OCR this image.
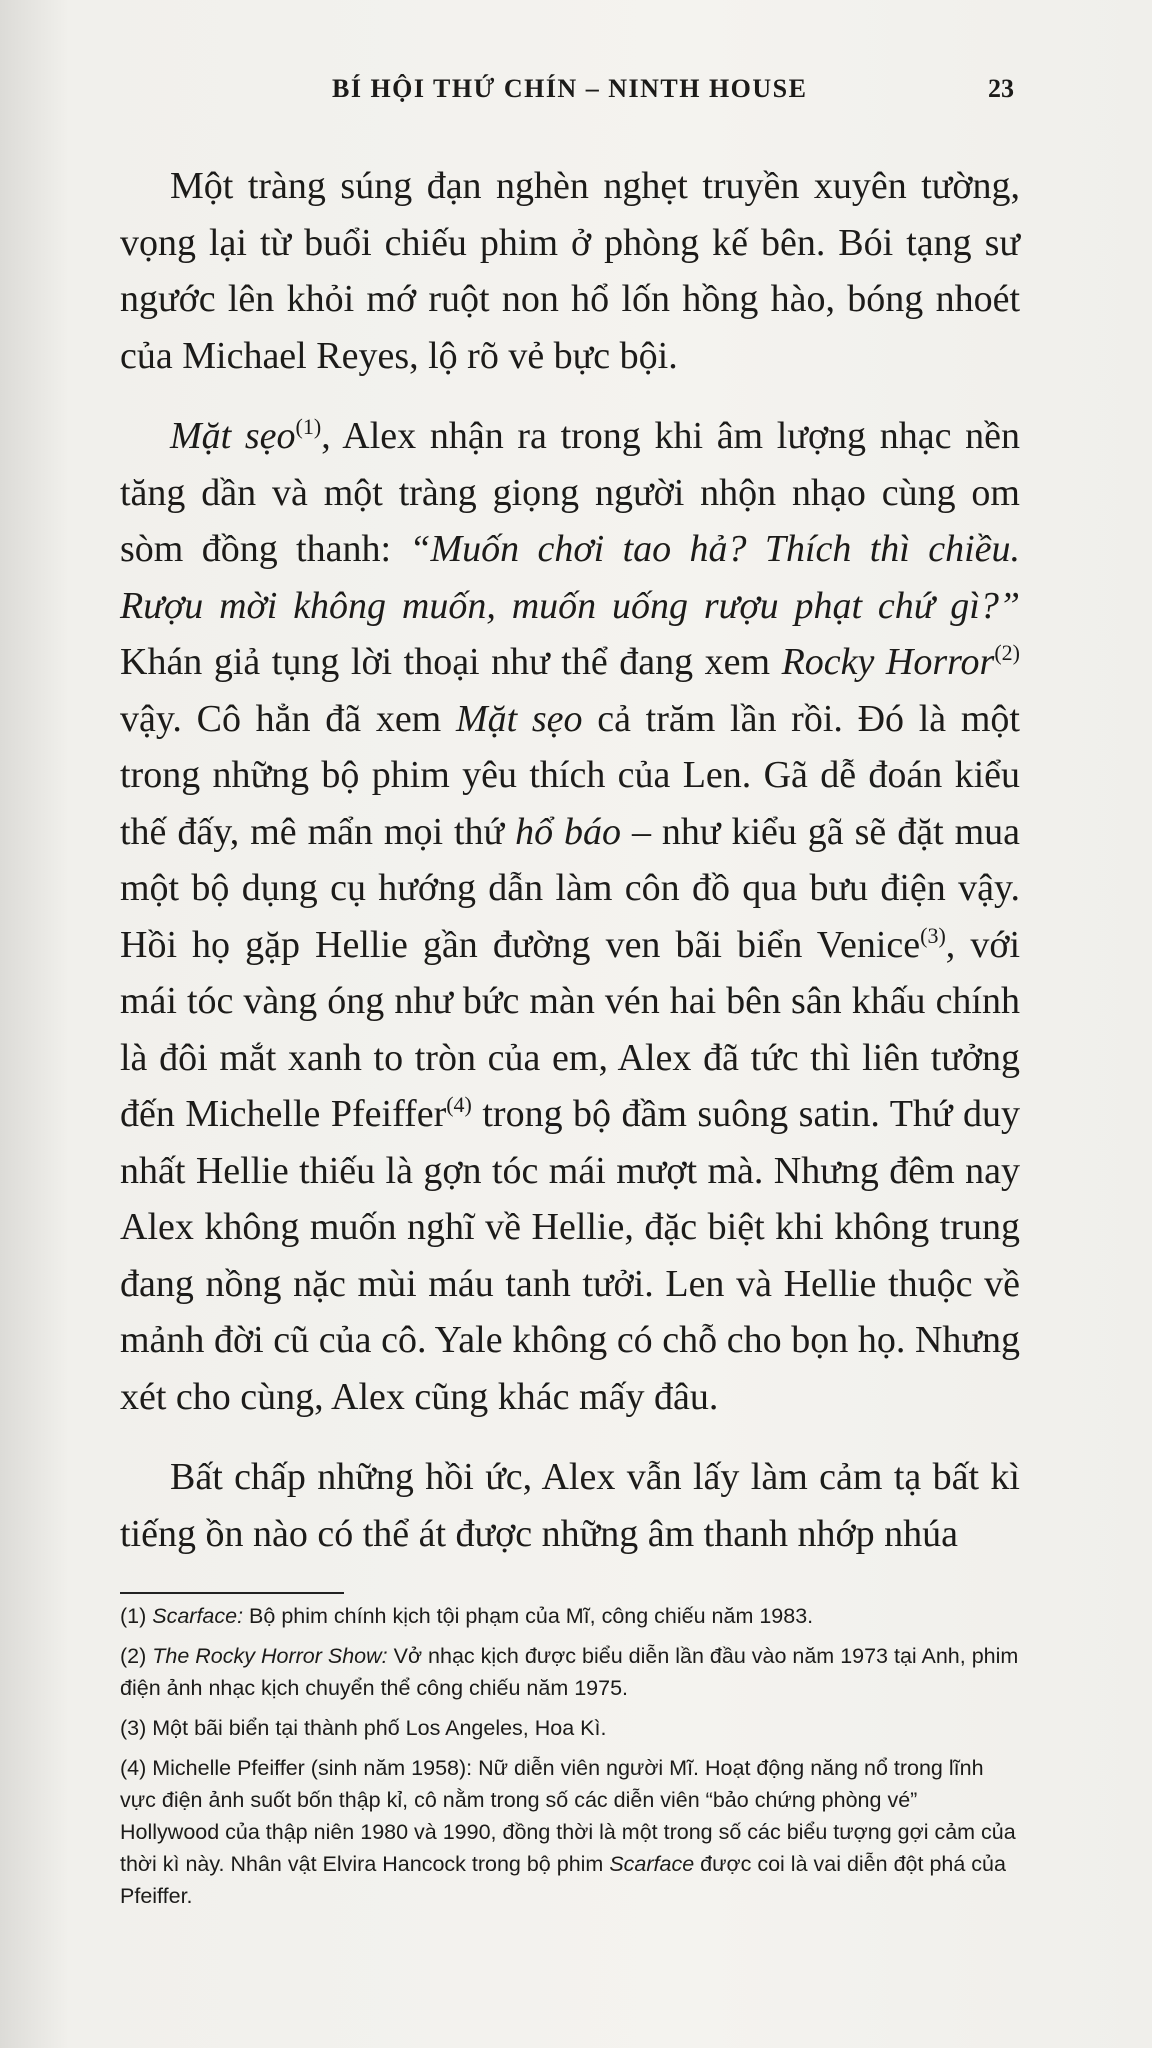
BÍ HỘI THỨ CHÍN – NINTH HOUSE	23

Một tràng súng đạn nghèn nghẹt truyền xuyên tường, vọng lại từ buổi chiếu phim ở phòng kế bên. Bói tạng sư ngước lên khỏi mớ ruột non hổ lốn hồng hào, bóng nhoét của Michael Reyes, lộ rõ vẻ bực bội.

Mặt sẹo$^{(1)}$, Alex nhận ra trong khi âm lượng nhạc nền tăng dần và một tràng giọng người nhộn nhạo cùng om sòm đồng thanh: “Muốn chơi tao hả? Thích thì chiều. Rượu mời không muốn, muốn uống rượu phạt chứ gì?” Khán giả tụng lời thoại như thể đang xem Rocky Horror$^{(2)}$ vậy. Cô hẳn đã xem Mặt sẹo cả trăm lần rồi. Đó là một trong những bộ phim yêu thích của Len. Gã dễ đoán kiểu thế đấy, mê mẩn mọi thứ hổ báo – như kiểu gã sẽ đặt mua một bộ dụng cụ hướng dẫn làm côn đồ qua bưu điện vậy. Hồi họ gặp Hellie gần đường ven bãi biển Venice$^{(3)}$, với mái tóc vàng óng như bức màn vén hai bên sân khấu chính là đôi mắt xanh to tròn của em, Alex đã tức thì liên tưởng đến Michelle Pfeiffer$^{(4)}$ trong bộ đầm suông satin. Thứ duy nhất Hellie thiếu là gợn tóc mái mượt mà. Nhưng đêm nay Alex không muốn nghĩ về Hellie, đặc biệt khi không trung đang nồng nặc mùi máu tanh tưởi. Len và Hellie thuộc về mảnh đời cũ của cô. Yale không có chỗ cho bọn họ. Nhưng xét cho cùng, Alex cũng khác mấy đâu.

Bất chấp những hồi ức, Alex vẫn lấy làm cảm tạ bất kì tiếng ồn nào có thể át được những âm thanh nhớp nhúa

(1) Scarface: Bộ phim chính kịch tội phạm của Mĩ, công chiếu năm 1983.
(2) The Rocky Horror Show: Vở nhạc kịch được biểu diễn lần đầu vào năm 1973 tại Anh, phim điện ảnh nhạc kịch chuyển thể công chiếu năm 1975.
(3) Một bãi biển tại thành phố Los Angeles, Hoa Kì.
(4) Michelle Pfeiffer (sinh năm 1958): Nữ diễn viên người Mĩ. Hoạt động năng nổ trong lĩnh vực điện ảnh suốt bốn thập kỉ, cô nằm trong số các diễn viên “bảo chứng phòng vé” Hollywood của thập niên 1980 và 1990, đồng thời là một trong số các biểu tượng gợi cảm của thời kì này. Nhân vật Elvira Hancock trong bộ phim Scarface được coi là vai diễn đột phá của Pfeiffer.
